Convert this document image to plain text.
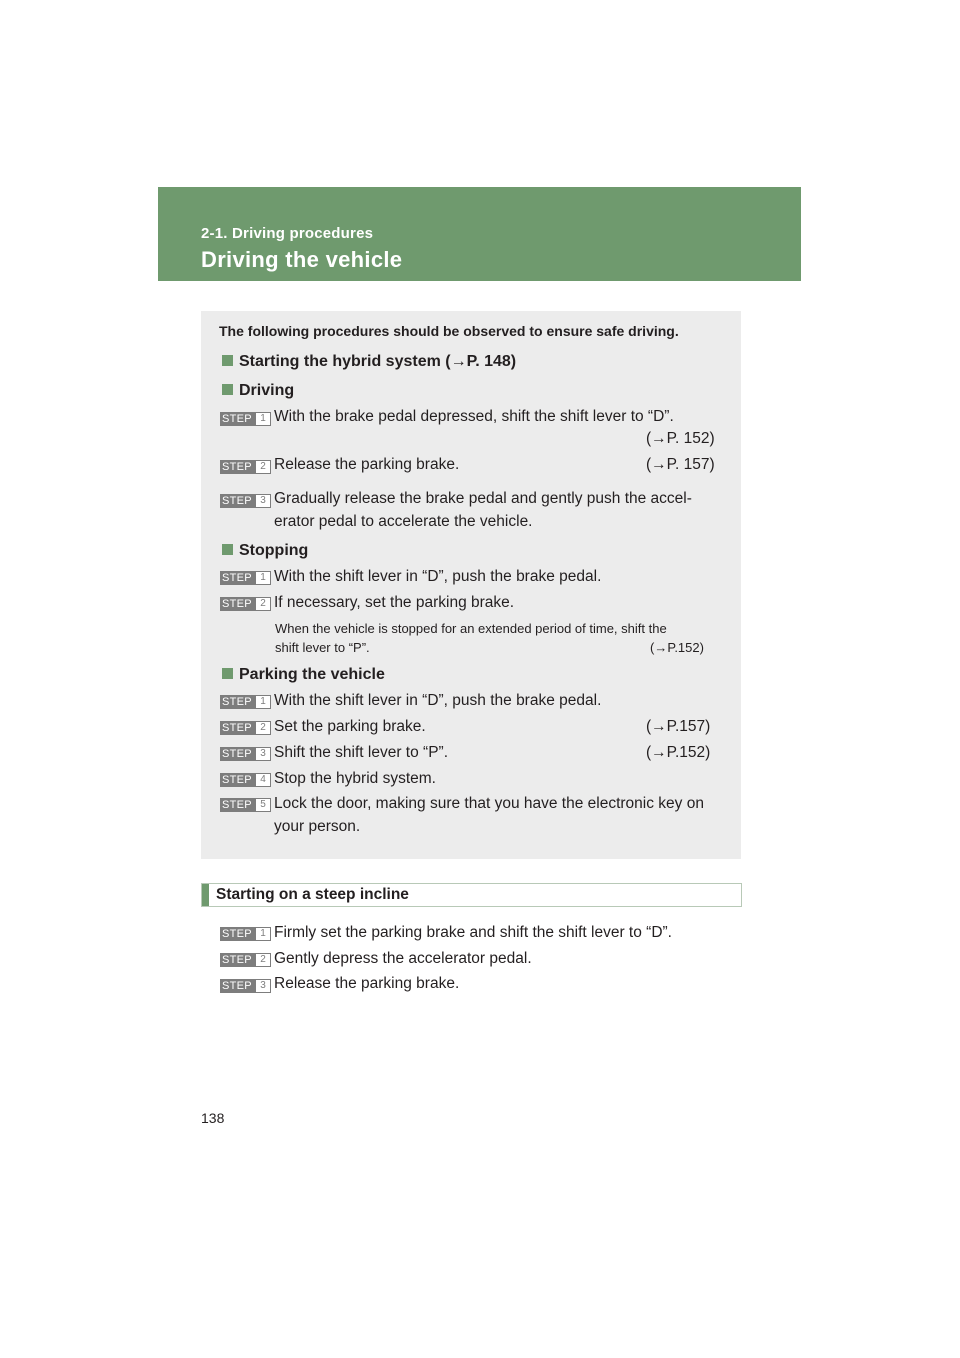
2-1. Driving procedures
Driving the vehicle
The following procedures should be observed to ensure safe driving.
Starting the hybrid system (→P. 148)
Driving
STEP 1 With the brake pedal depressed, shift the shift lever to “D”.
(→P. 152)
STEP 2 Release the parking brake.	(→P. 157)
STEP 3 Gradually release the brake pedal and gently push the accel-
erator pedal to accelerate the vehicle.
Stopping
STEP 1 With the shift lever in “D”, push the brake pedal.
STEP 2 If necessary, set the parking brake.
When the vehicle is stopped for an extended period of time, shift the
shift lever to “P”.	(→P.152)
Parking the vehicle
STEP 1 With the shift lever in “D”, push the brake pedal.
STEP 2 Set the parking brake.	(→P.157)
STEP 3 Shift the shift lever to “P”.	(→P.152)
STEP 4 Stop the hybrid system.
STEP 5 Lock the door, making sure that you have the electronic key on
your person.
Starting on a steep incline
STEP 1 Firmly set the parking brake and shift the shift lever to “D”.
STEP 2 Gently depress the accelerator pedal.
STEP 3 Release the parking brake.
138
